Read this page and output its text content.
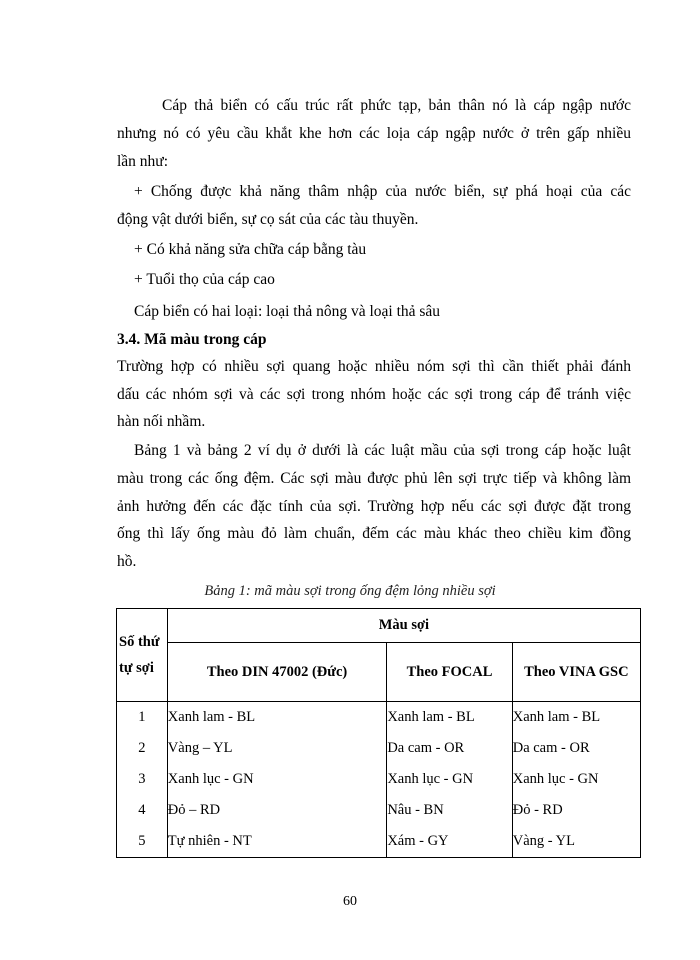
Cáp thả biển có cấu trúc rất phức tạp, bản thân nó là cáp ngập nước
nhưng nó có yêu cầu khắt khe hơn các loịa cáp ngập nước ở trên gấp nhiều
lần như:
+ Chống được khả năng thâm nhập của nước biển, sự phá hoại của các
động vật dưới biển, sự cọ sát của các tàu thuyền.
+ Có khả năng sửa chữa cáp bằng tàu
+ Tuổi thọ của cáp cao
Cáp biển có hai loại: loại thả nông và loại thả sâu
3.4. Mã màu trong cáp
Trường hợp có nhiều sợi quang hoặc nhiều nóm sợi thì cần thiết phải đánh
dấu các nhóm sợi và các sợi trong nhóm hoặc các sợi trong cáp để tránh việc
hàn nối nhầm.
Bảng 1 và bảng 2 ví dụ ở dưới là các luật mầu của sợi trong cáp hoặc luật
màu trong các ống đệm. Các sợi màu được phủ lên sợi trực tiếp và không làm
ảnh hưởng đến các đặc tính của sợi. Trường hợp nếu các sợi được đặt trong
ống thì lấy ống màu đỏ làm chuẩn, đếm các màu khác theo chiều kim đồng
hồ.
Bảng 1: mã màu sợi trong ống đệm lỏng nhiều sợi
Số thứ
tự sợi	Màu sợi		
	Theo DIN 47002 (Đức)	Theo FOCAL	Theo VINA GSC
1	Xanh lam - BL	Xanh lam - BL	Xanh lam - BL
2	Vàng – YL	Da cam - OR	Da cam - OR
3	Xanh lục - GN	Xanh lục - GN	Xanh lục - GN
4	Đỏ – RD	Nâu - BN	Đỏ - RD
5	Tự nhiên - NT	Xám - GY	Vàng - YL
60
